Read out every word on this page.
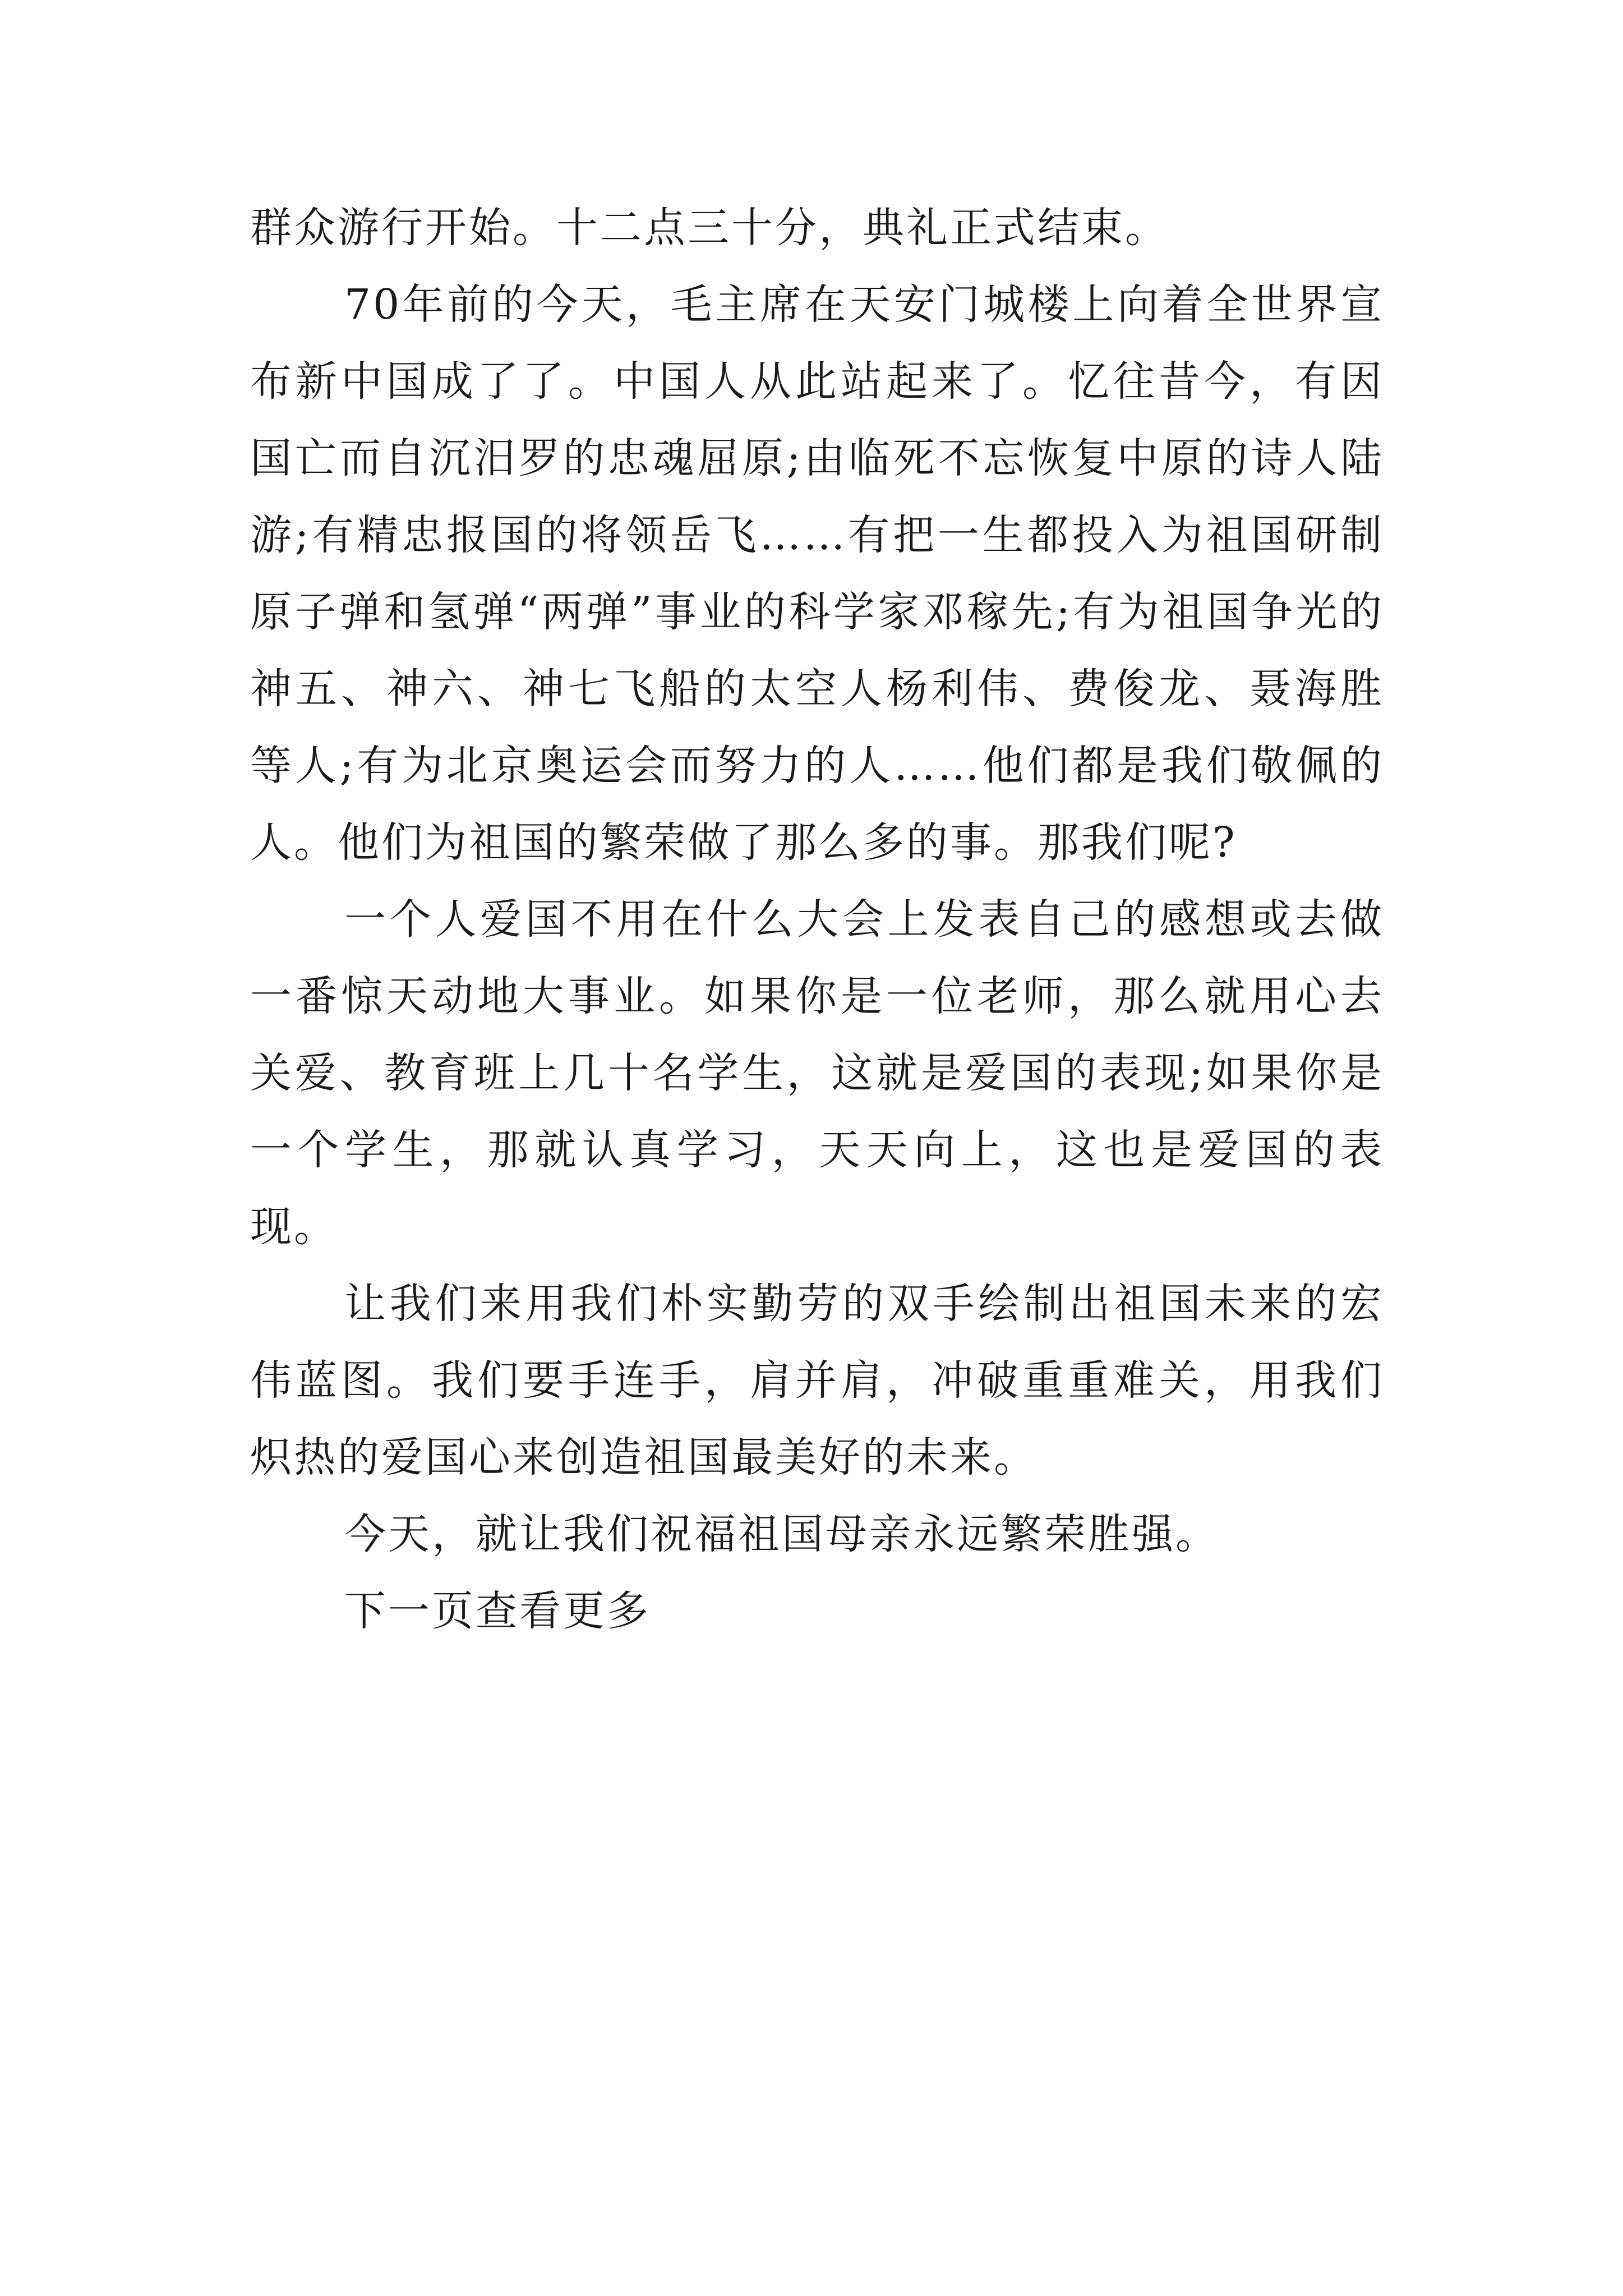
群众游行开始。十二点三十分，典礼正式结束。

70年前的今天，毛主席在天安门城楼上向着全世界宣布新中国成了了。中国人从此站起来了。忆往昔今，有因国亡而自沉汨罗的忠魂屈原;由临死不忘恢复中原的诗人陆游;有精忠报国的将领岳飞……有把一生都投入为祖国研制原子弹和氢弹“两弹”事业的科学家邓稼先;有为祖国争光的神五、神六、神七飞船的太空人杨利伟、费俊龙、聂海胜等人;有为北京奥运会而努力的人……他们都是我们敬佩的人。他们为祖国的繁荣做了那么多的事。那我们呢?

一个人爱国不用在什么大会上发表自己的感想或去做一番惊天动地大事业。如果你是一位老师，那么就用心去关爱、教育班上几十名学生，这就是爱国的表现;如果你是一个学生，那就认真学习，天天向上，这也是爱国的表现。

让我们来用我们朴实勤劳的双手绘制出祖国未来的宏伟蓝图。我们要手连手，肩并肩，冲破重重难关，用我们炽热的爱国心来创造祖国最美好的未来。

今天，就让我们祝福祖国母亲永远繁荣胜强。

下一页查看更多
